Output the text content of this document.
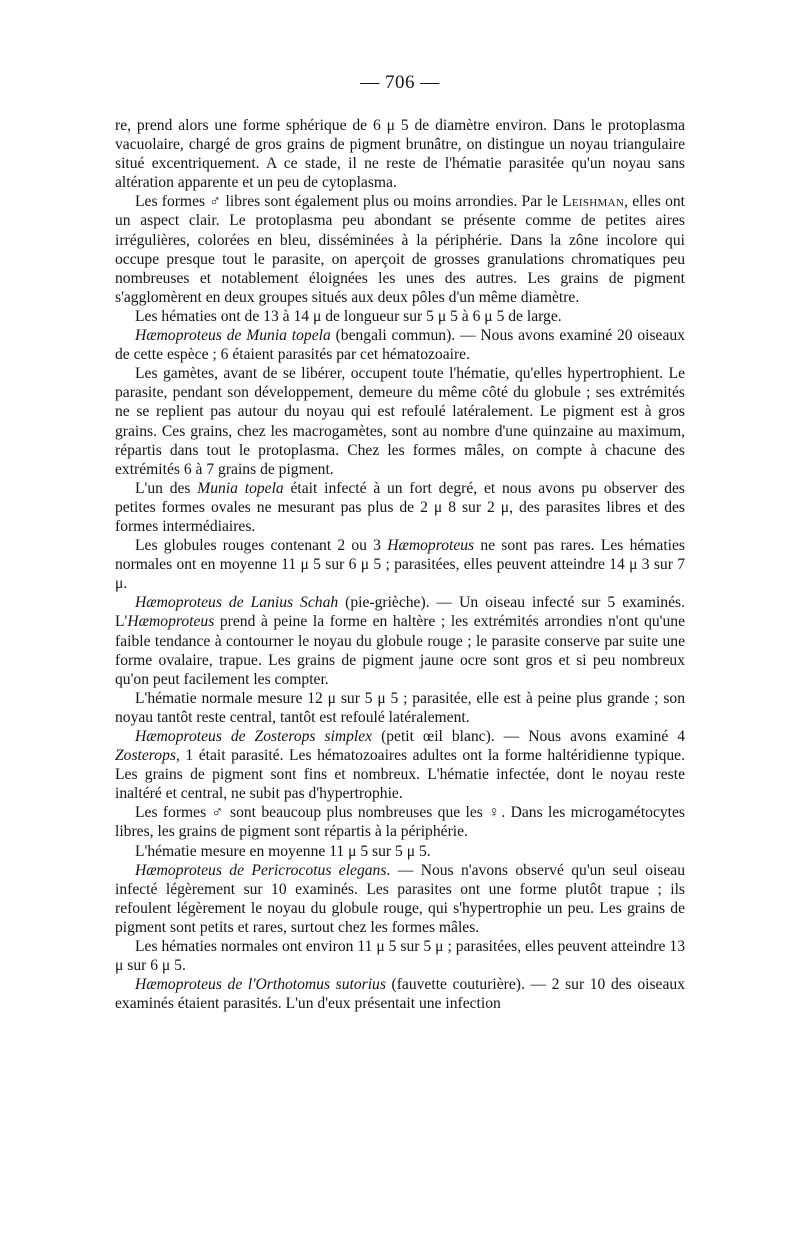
— 706 —

re, prend alors une forme sphérique de 6 μ 5 de diamètre environ. Dans le protoplasma vacuolaire, chargé de gros grains de pigment brunâtre, on distingue un noyau triangulaire situé excentriquement. A ce stade, il ne reste de l'hématie parasitée qu'un noyau sans altération apparente et un peu de cytoplasma.

Les formes ♂ libres sont également plus ou moins arrondies. Par le Leishman, elles ont un aspect clair. Le protoplasma peu abondant se présente comme de petites aires irrégulières, colorées en bleu, disséminées à la périphérie. Dans la zône incolore qui occupe presque tout le parasite, on aperçoit de grosses granulations chromatiques peu nombreuses et notablement éloignées les unes des autres. Les grains de pigment s'agglomèrent en deux groupes situés aux deux pôles d'un même diamètre.

Les hématies ont de 13 à 14 μ de longueur sur 5 μ 5 à 6 μ 5 de large.

Hæmoproteus de Munia topela (bengali commun). — Nous avons examiné 20 oiseaux de cette espèce ; 6 étaient parasités par cet hématozoaire.

Les gamètes, avant de se libérer, occupent toute l'hématie, qu'elles hypertrophient. Le parasite, pendant son développement, demeure du même côté du globule ; ses extrémités ne se replient pas autour du noyau qui est refoulé latéralement. Le pigment est à gros grains. Ces grains, chez les macrogamètes, sont au nombre d'une quinzaine au maximum, répartis dans tout le protoplasma. Chez les formes mâles, on compte à chacune des extrémités 6 à 7 grains de pigment.

L'un des Munia topela était infecté à un fort degré, et nous avons pu observer des petites formes ovales ne mesurant pas plus de 2 μ 8 sur 2 μ, des parasites libres et des formes intermédiaires.

Les globules rouges contenant 2 ou 3 Hæmoproteus ne sont pas rares. Les hématies normales ont en moyenne 11 μ 5 sur 6 μ 5 ; parasitées, elles peuvent atteindre 14 μ 3 sur 7 μ.

Hæmoproteus de Lanius Schah (pie-grièche). — Un oiseau infecté sur 5 examinés. L'Hæmoproteus prend à peine la forme en haltère ; les extrémités arrondies n'ont qu'une faible tendance à contourner le noyau du globule rouge ; le parasite conserve par suite une forme ovalaire, trapue. Les grains de pigment jaune ocre sont gros et si peu nombreux qu'on peut facilement les compter.

L'hématie normale mesure 12 μ sur 5 μ 5 ; parasitée, elle est à peine plus grande ; son noyau tantôt reste central, tantôt est refoulé latéralement.

Hæmoproteus de Zosterops simplex (petit œil blanc). — Nous avons examiné 4 Zosterops, 1 était parasité. Les hématozoaires adultes ont la forme haltéridienne typique. Les grains de pigment sont fins et nombreux. L'hématie infectée, dont le noyau reste inaltéré et central, ne subit pas d'hypertrophie.

Les formes ♂ sont beaucoup plus nombreuses que les ♀. Dans les microgamétocytes libres, les grains de pigment sont répartis à la périphérie.

L'hématie mesure en moyenne 11 μ 5 sur 5 μ 5.

Hæmoproteus de Pericrocotus elegans. — Nous n'avons observé qu'un seul oiseau infecté légèrement sur 10 examinés. Les parasites ont une forme plutôt trapue ; ils refoulent légèrement le noyau du globule rouge, qui s'hypertrophie un peu. Les grains de pigment sont petits et rares, surtout chez les formes mâles.

Les hématies normales ont environ 11 μ 5 sur 5 μ ; parasitées, elles peuvent atteindre 13 μ sur 6 μ 5.

Hæmoproteus de l'Orthotomus sutorius (fauvette couturière). — 2 sur 10 des oiseaux examinés étaient parasités. L'un d'eux présentait une infection
